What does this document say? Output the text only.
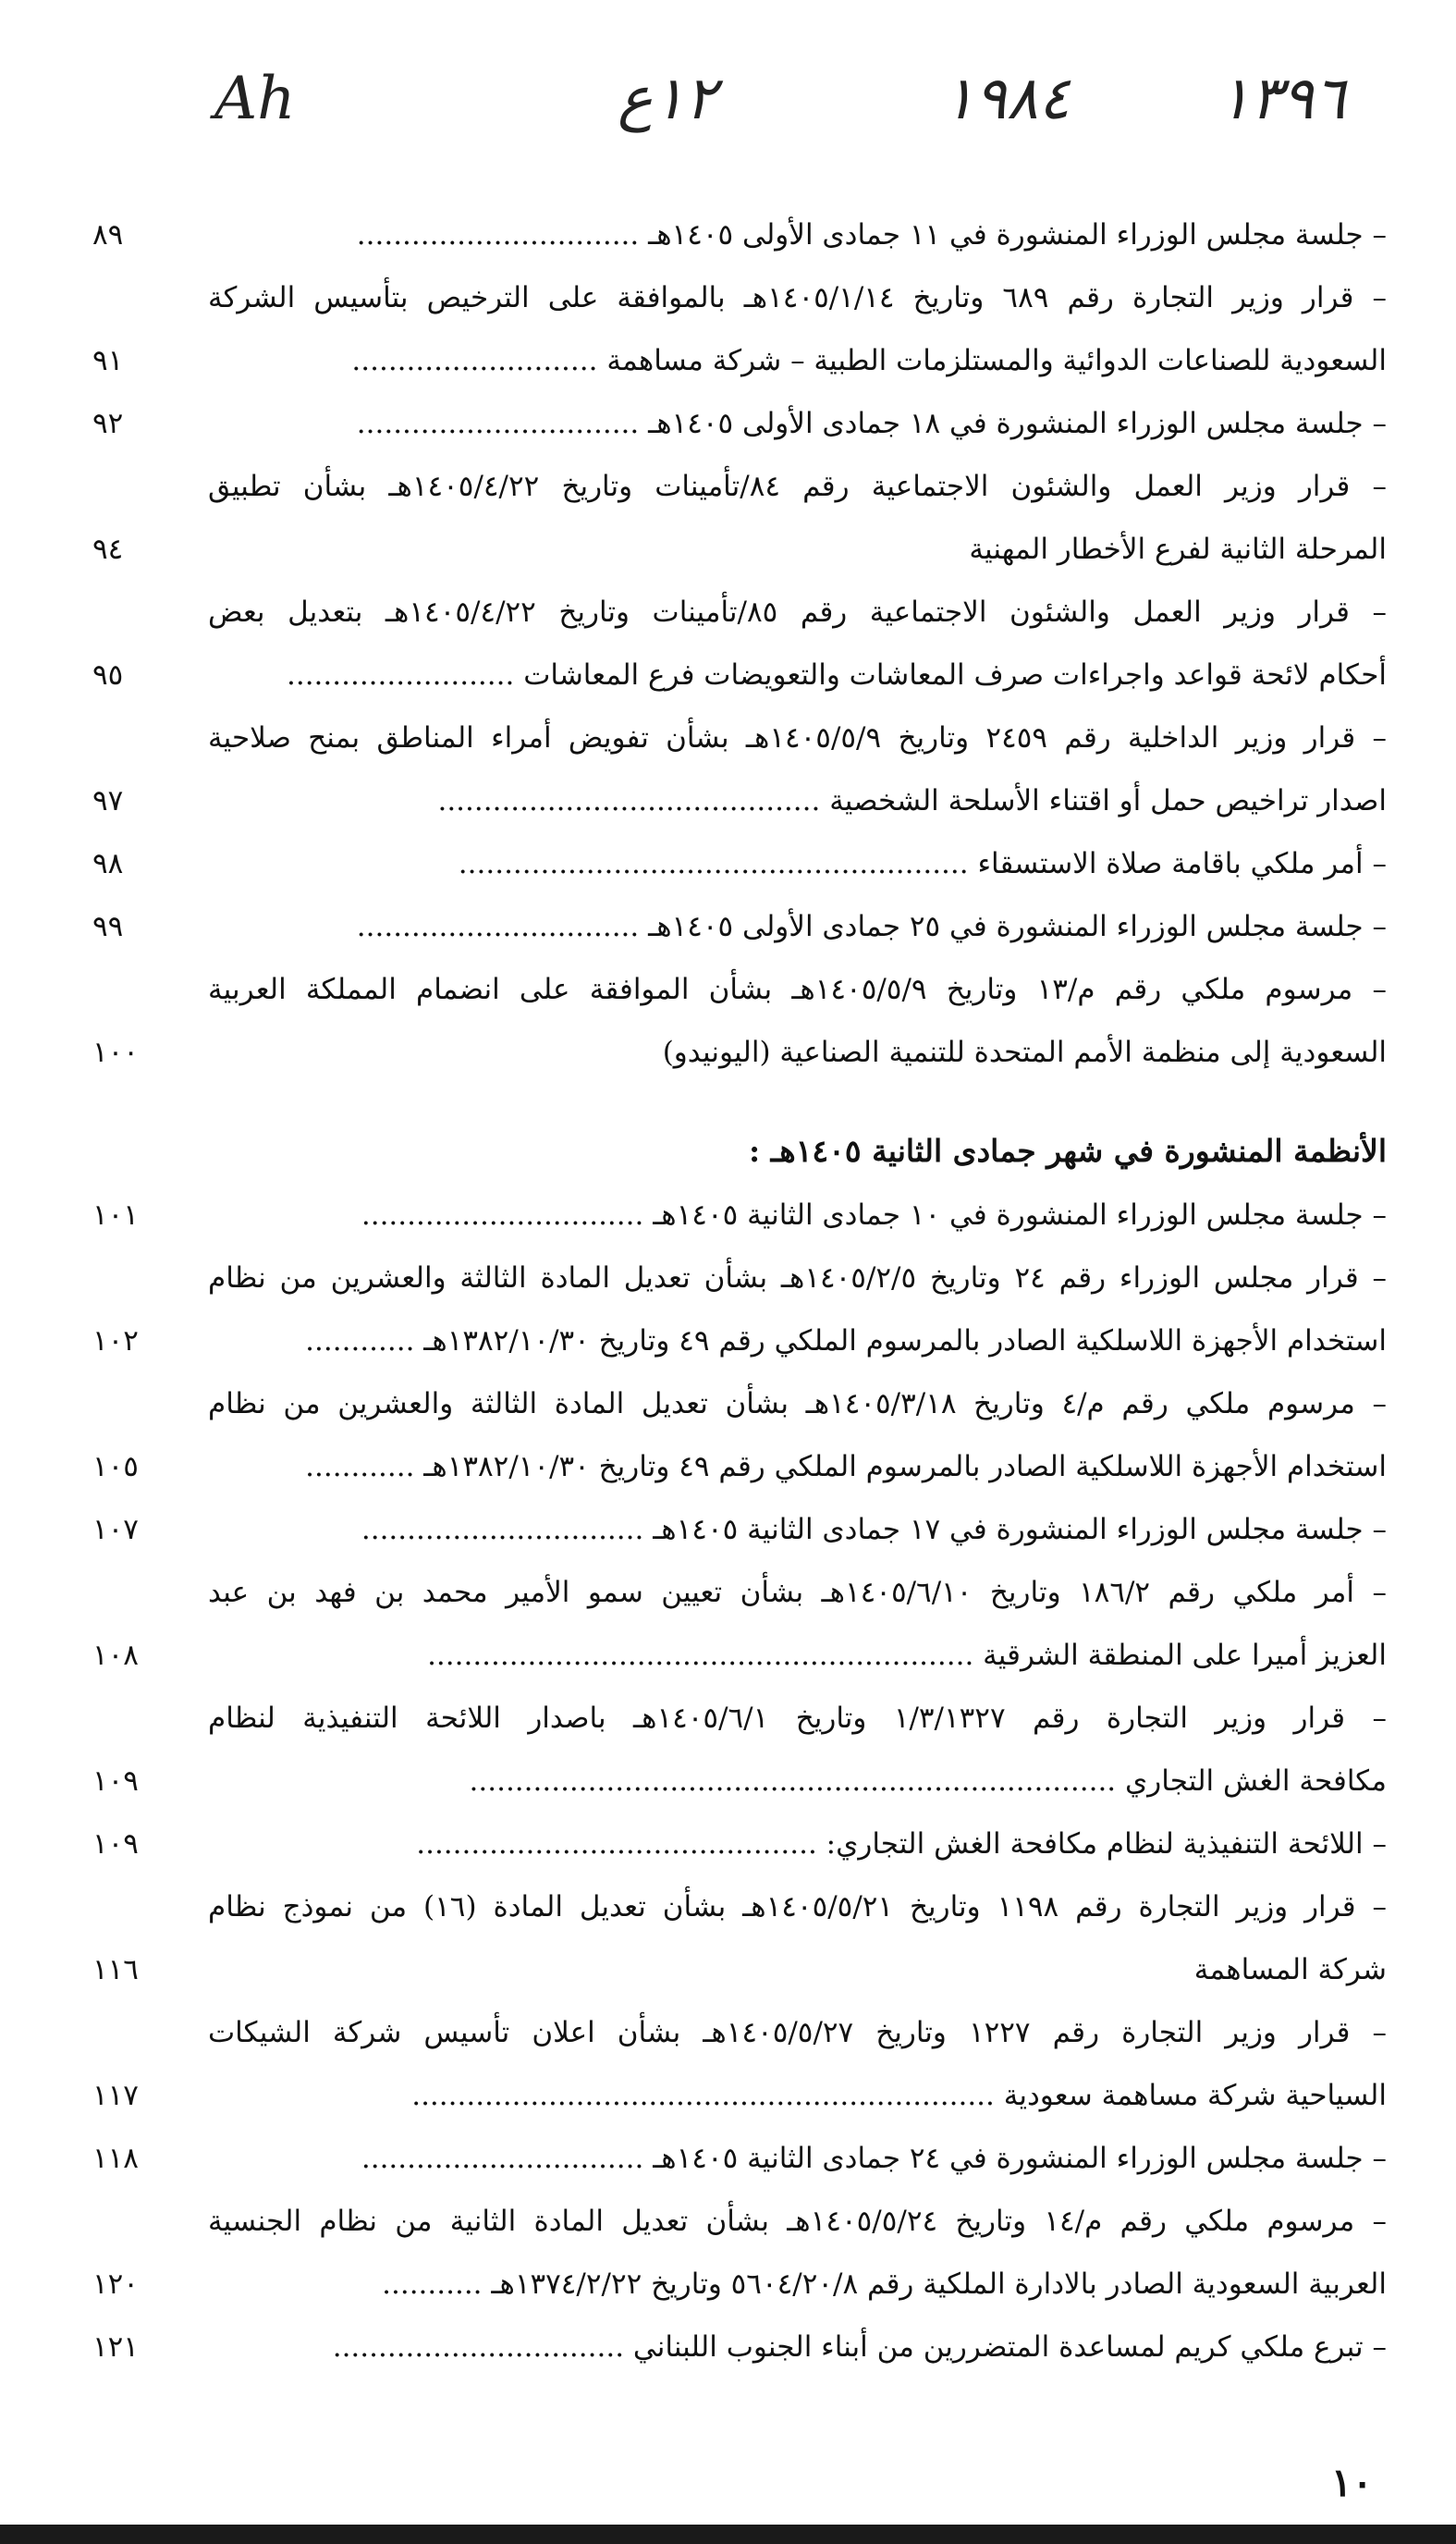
Ah	١٢ع	١٩٨٤	١٣٩٦
– جلسة مجلس الوزراء المنشورة في ١١ جمادى الأولى ١٤٠٥هـ ...............................
٨٩
– قرار وزير التجارة رقم ٦٨٩ وتاريخ ١٤٠٥/١/١٤هـ بالموافقة على الترخيص بتأسيس الشركة
السعودية للصناعات الدوائية والمستلزمات الطبية – شركة مساهمة ...........................
٩١
– جلسة مجلس الوزراء المنشورة في ١٨ جمادى الأولى ١٤٠٥هـ ...............................
٩٢
– قرار وزير العمل والشئون الاجتماعية رقم ٨٤/تأمينات وتاريخ ١٤٠٥/٤/٢٢هـ بشأن تطبيق
المرحلة الثانية لفرع الأخطار المهنية
٩٤
– قرار وزير العمل والشئون الاجتماعية رقم ٨٥/تأمينات وتاريخ ١٤٠٥/٤/٢٢هـ بتعديل بعض
أحكام لائحة قواعد واجراءات صرف المعاشات والتعويضات فرع المعاشات .........................
٩٥
– قرار وزير الداخلية رقم ٢٤٥٩ وتاريخ ١٤٠٥/٥/٩هـ بشأن تفويض أمراء المناطق بمنح صلاحية
اصدار تراخيص حمل أو اقتناء الأسلحة الشخصية ..........................................
٩٧
– أمر ملكي باقامة صلاة الاستسقاء ........................................................
٩٨
– جلسة مجلس الوزراء المنشورة في ٢٥ جمادى الأولى ١٤٠٥هـ ...............................
٩٩
– مرسوم ملكي رقم م/١٣ وتاريخ ١٤٠٥/٥/٩هـ بشأن الموافقة على انضمام المملكة العربية
السعودية إلى منظمة الأمم المتحدة للتنمية الصناعية (اليونيدو)
١٠٠
الأنظمة المنشورة في شهر جمادى الثانية ١٤٠٥هـ :
– جلسة مجلس الوزراء المنشورة في ١٠ جمادى الثانية ١٤٠٥هـ ...............................
١٠١
– قرار مجلس الوزراء رقم ٢٤ وتاريخ ١٤٠٥/٢/٥هـ بشأن تعديل المادة الثالثة والعشرين من نظام
استخدام الأجهزة اللاسلكية الصادر بالمرسوم الملكي رقم ٤٩ وتاريخ ١٣٨٢/١٠/٣٠هـ ............
١٠٢
– مرسوم ملكي رقم م/٤ وتاريخ ١٤٠٥/٣/١٨هـ بشأن تعديل المادة الثالثة والعشرين من نظام
استخدام الأجهزة اللاسلكية الصادر بالمرسوم الملكي رقم ٤٩ وتاريخ ١٣٨٢/١٠/٣٠هـ ............
١٠٥
– جلسة مجلس الوزراء المنشورة في ١٧ جمادى الثانية ١٤٠٥هـ ...............................
١٠٧
– أمر ملكي رقم ١٨٦/٢ وتاريخ ١٤٠٥/٦/١٠هـ بشأن تعيين سمو الأمير محمد بن فهد بن عبد
العزيز أميرا على المنطقة الشرقية ............................................................
١٠٨
– قرار وزير التجارة رقم ١/٣/١٣٢٧ وتاريخ ١٤٠٥/٦/١هـ باصدار اللائحة التنفيذية لنظام
مكافحة الغش التجاري .......................................................................
١٠٩
– اللائحة التنفيذية لنظام مكافحة الغش التجاري: ............................................
١٠٩
– قرار وزير التجارة رقم ١١٩٨ وتاريخ ١٤٠٥/٥/٢١هـ بشأن تعديل المادة (١٦) من نموذج نظام
شركة المساهمة
١١٦
– قرار وزير التجارة رقم ١٢٢٧ وتاريخ ١٤٠٥/٥/٢٧هـ بشأن اعلان تأسيس شركة الشيكات
السياحية شركة مساهمة سعودية ................................................................
١١٧
– جلسة مجلس الوزراء المنشورة في ٢٤ جمادى الثانية ١٤٠٥هـ ...............................
١١٨
– مرسوم ملكي رقم م/١٤ وتاريخ ١٤٠٥/٥/٢٤هـ بشأن تعديل المادة الثانية من نظام الجنسية
العربية السعودية الصادر بالادارة الملكية رقم ٥٦٠٤/٢٠/٨ وتاريخ ١٣٧٤/٢/٢٢هـ ...........
١٢٠
– تبرع ملكي كريم لمساعدة المتضررين من أبناء الجنوب اللبناني ................................
١٢١
١٠
